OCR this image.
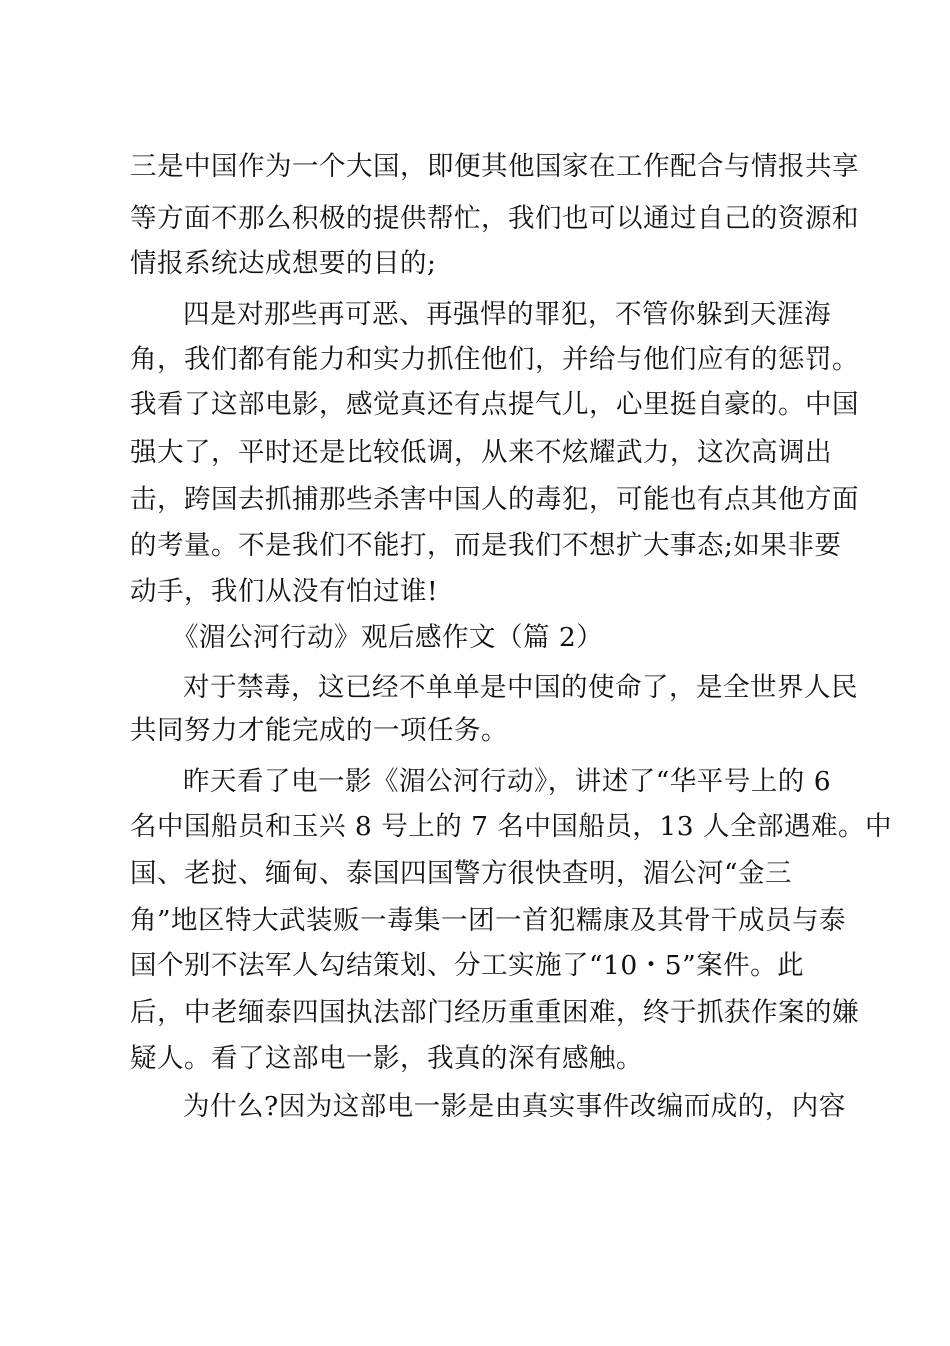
三是中国作为一个大国，即便其他国家在工作配合与情报共享
等方面不那么积极的提供帮忙，我们也可以通过自己的资源和
情报系统达成想要的目的;
四是对那些再可恶、再强悍的罪犯，不管你躲到天涯海
角，我们都有能力和实力抓住他们，并给与他们应有的惩罚。
我看了这部电影，感觉真还有点提气儿，心里挺自豪的。中国
强大了，平时还是比较低调，从来不炫耀武力，这次高调出
击，跨国去抓捕那些杀害中国人的毒犯，可能也有点其他方面
的考量。不是我们不能打，而是我们不想扩大事态;如果非要
动手，我们从没有怕过谁!
《湄公河行动》观后感作文（篇 2）
对于禁毒，这已经不单单是中国的使命了，是全世界人民
共同努力才能完成的一项任务。
昨天看了电一影《湄公河行动》，讲述了“华平号上的 6
名中国船员和玉兴 8 号上的 7 名中国船员，13 人全部遇难。中
国、老挝、缅甸、泰国四国警方很快查明，湄公河“金三
角”地区特大武装贩一毒集一团一首犯糯康及其骨干成员与泰
国个别不法军人勾结策划、分工实施了“10・5”案件。此
后，中老缅泰四国执法部门经历重重困难，终于抓获作案的嫌
疑人。看了这部电一影，我真的深有感触。
为什么?因为这部电一影是由真实事件改编而成的，内容
